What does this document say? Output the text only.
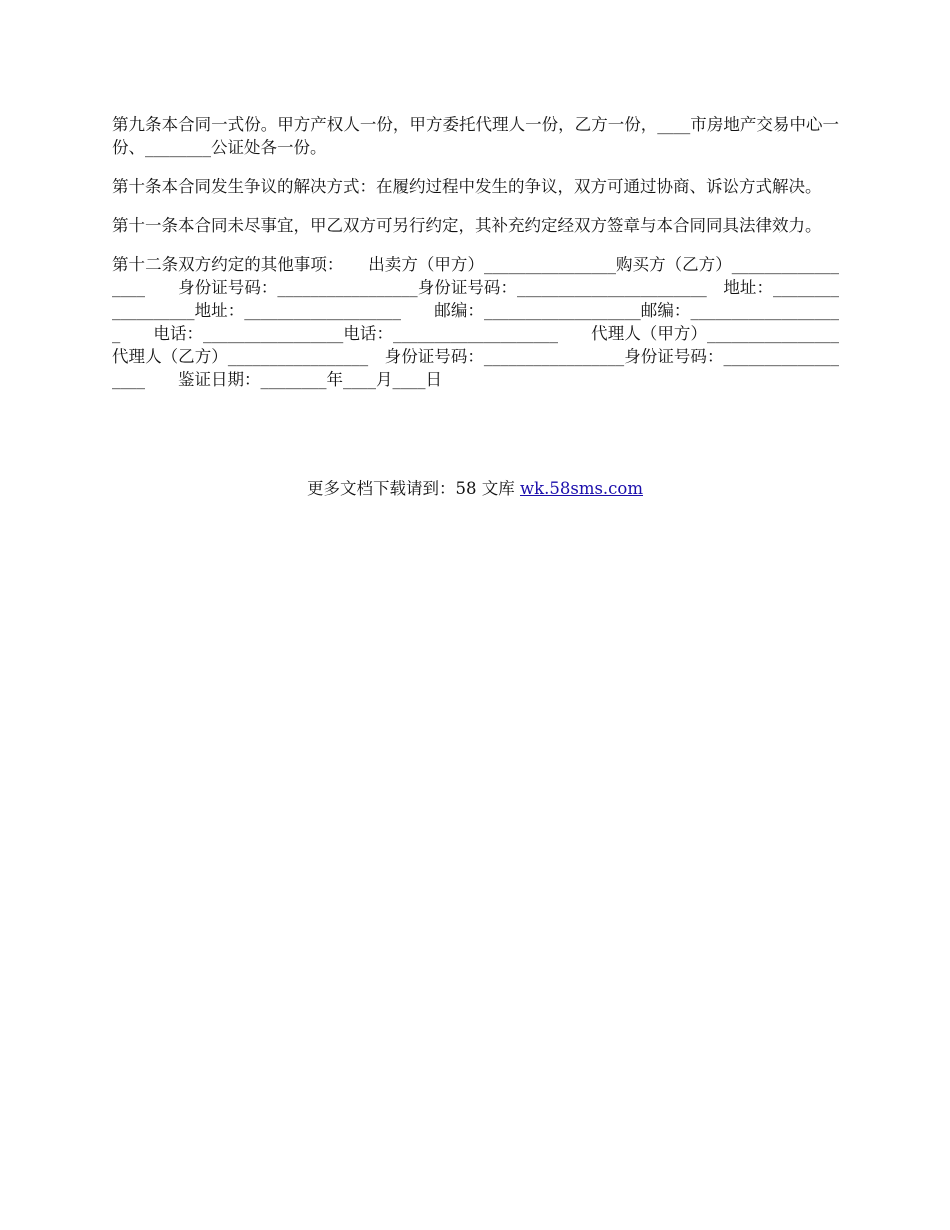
第九条本合同一式份。甲方产权人一份，甲方委托代理人一份，乙方一份，____市房地产交易中心一份、________公证处各一份。

第十条本合同发生争议的解决方式：在履约过程中发生的争议，双方可通过协商、诉讼方式解决。

第十一条本合同未尽事宜，甲乙双方可另行约定，其补充约定经双方签章与本合同同具法律效力。

第十二条双方约定的其他事项：　　出卖方（甲方）________________购买方（乙方）_________________　　身份证号码：_________________身份证号码：_______________________　地址：__________________地址：___________________　　邮编：___________________邮编：___________________　　电话：_________________电话：____________________　　代理人（甲方）________________代理人（乙方）_________________　身份证号码：_________________身份证号码：__________________　　鉴证日期：________年____月____日

更多文档下载请到：58 文库 wk.58sms.com
